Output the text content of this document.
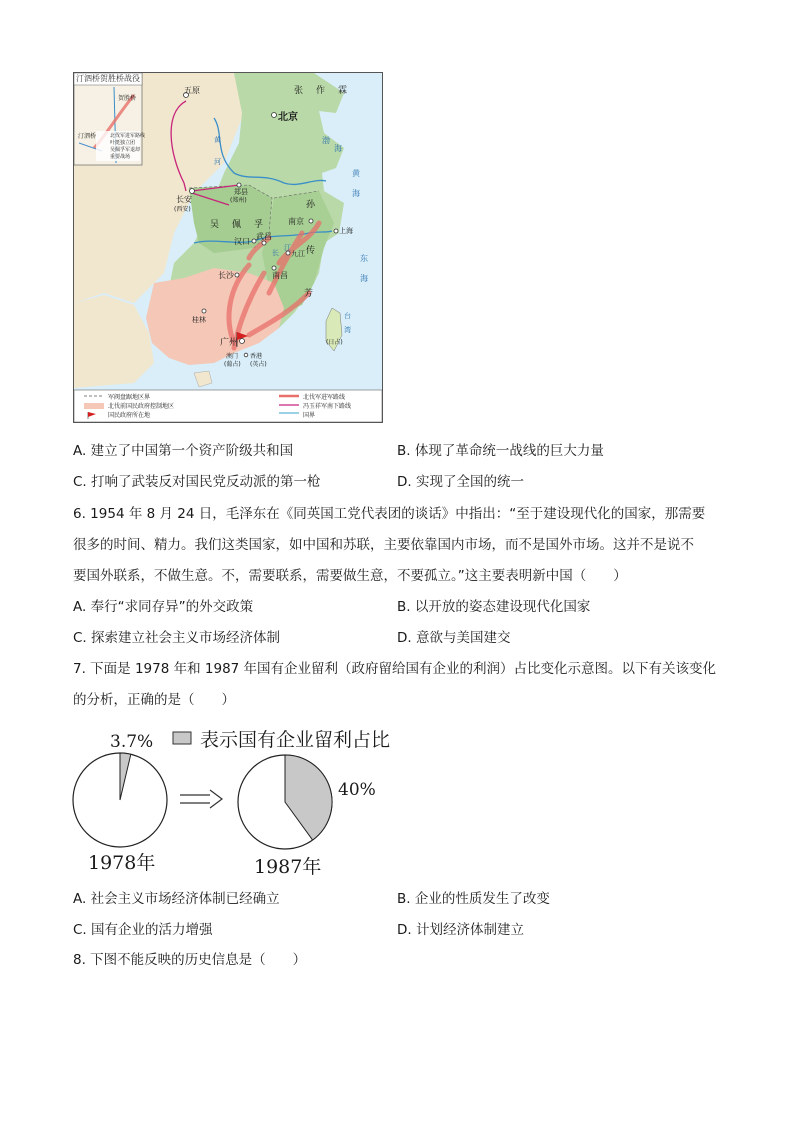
汀泗桥贺胜桥战役
贺胜桥
汀泗桥	北伐军进军路线
叶挺独立团
吴佩孚军退却
重要战场
五原
北京
长安
(西安)
郑县
(郑州)
汉口
武昌
南京
上海
九江
南昌
长沙
桂林
广州
澳门
(葡占)
香港
(英占)
台
湾
(日占)
张 作 霖
吴 佩 孚
孙
传
芳
黄
河
长
江
黄
海
东
海
渤
海
军阀盘踞地区界
北伐前国民政府控制地区
国民政府所在地
北伐军进军路线
冯玉祥军南下路线
国界
A. 建立了中国第一个资产阶级共和国	B. 体现了革命统一战线的巨大力量
C. 打响了武装反对国民党反动派的第一枪	D. 实现了全国的统一
6. 1954 年 8 月 24 日，毛泽东在《同英国工党代表团的谈话》中指出：“至于建设现代化的国家，那需要
很多的时间、精力。我们这类国家，如中国和苏联，主要依靠国内市场，而不是国外市场。这并不是说不
要国外联系，不做生意。不，需要联系，需要做生意，不要孤立。”这主要表明新中国（　　）
A. 奉行“求同存异”的外交政策	B. 以开放的姿态建设现代化国家
C. 探索建立社会主义市场经济体制	D. 意欲与美国建交
7. 下面是 1978 年和 1987 年国有企业留利（政府留给国有企业的利润）占比变化示意图。以下有关该变化
的分析，正确的是（　　）
表示国有企业留利占比
3.7%
40%
1978年	1987年
A. 社会主义市场经济体制已经确立	B. 企业的性质发生了改变
C. 国有企业的活力增强	D. 计划经济体制建立
8. 下图不能反映的历史信息是（　　）
